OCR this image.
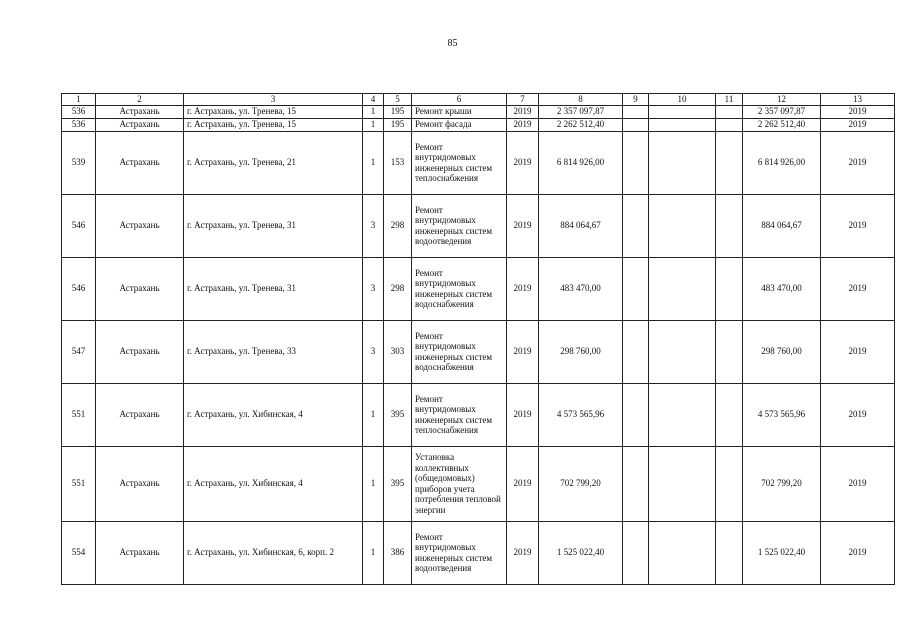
85
1	2	3	4	5	6	7	8	9	10	11	12	13
536	Астрахань	г. Астрахань, ул. Тренева, 15	1	195	Ремонт крыши	2019	2 357 097,87				2 357 097,87	2019
536	Астрахань	г. Астрахань, ул. Тренева, 15	1	195	Ремонт фасада	2019	2 262 512,40				2 262 512,40	2019
539	Астрахань	г. Астрахань, ул. Тренева, 21	1	153	Ремонт внутридомовых инженерных систем теплоснабжения	2019	6 814 926,00				6 814 926,00	2019
546	Астрахань	г. Астрахань, ул. Тренева, 31	3	298	Ремонт внутридомовых инженерных систем водоотведения	2019	884 064,67				884 064,67	2019
546	Астрахань	г. Астрахань, ул. Тренева, 31	3	298	Ремонт внутридомовых инженерных систем водоснабжения	2019	483 470,00				483 470,00	2019
547	Астрахань	г. Астрахань, ул. Тренева, 33	3	303	Ремонт внутридомовых инженерных систем водоснабжения	2019	298 760,00				298 760,00	2019
551	Астрахань	г. Астрахань, ул. Хибинская, 4	1	395	Ремонт внутридомовых инженерных систем теплоснабжения	2019	4 573 565,96				4 573 565,96	2019
551	Астрахань	г. Астрахань, ул. Хибинская, 4	1	395	Установка коллективных (общедомовых) приборов учета потребления тепловой энергии	2019	702 799,20				702 799,20	2019
554	Астрахань	г. Астрахань, ул. Хибинская, 6, корп. 2	1	386	Ремонт внутридомовых инженерных систем водоотведения	2019	1 525 022,40				1 525 022,40	2019
